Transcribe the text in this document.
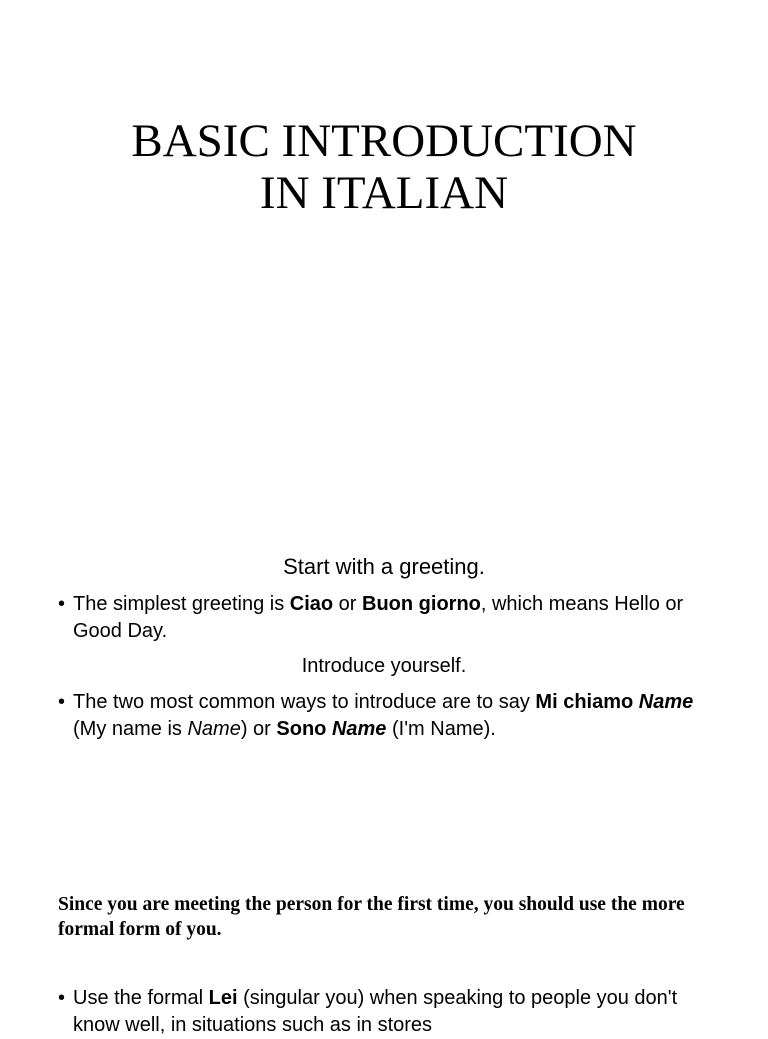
BASIC INTRODUCTION
IN ITALIAN
Start with a greeting.
• The simplest greeting is Ciao or Buon giorno, which means Hello or Good Day.
Introduce yourself.
• The two most common ways to introduce are to say Mi chiamo Name (My name is Name) or Sono Name (I'm Name).
Since you are meeting the person for the first time, you should use the more formal form of you.
• Use the formal Lei (singular you) when speaking to people you don't know well, in situations such as in stores
